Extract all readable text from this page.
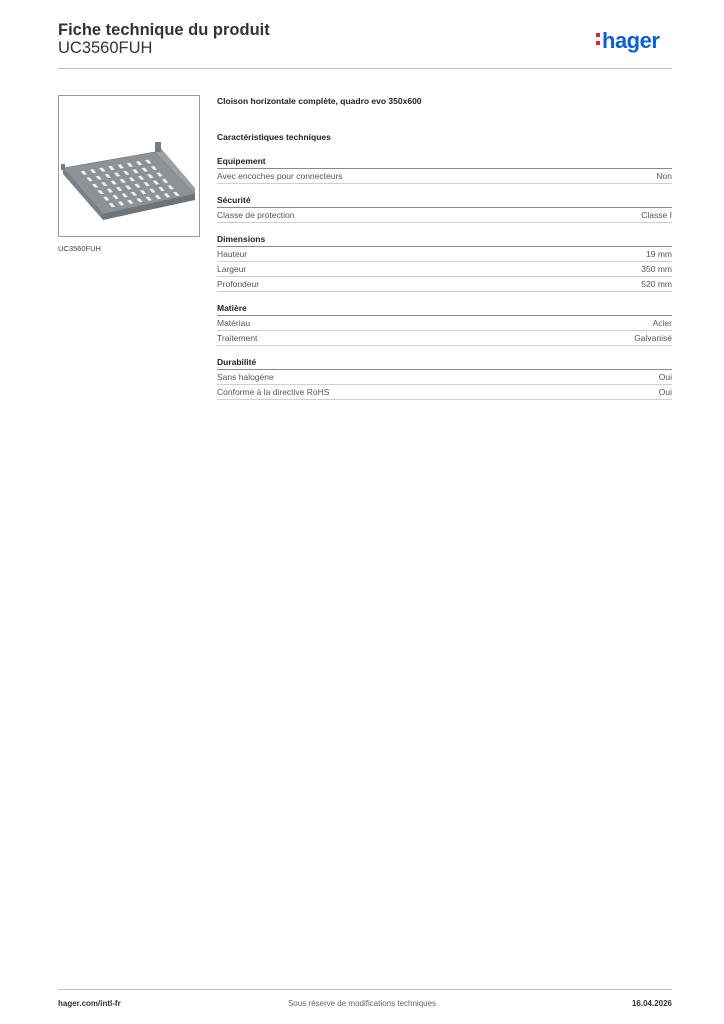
Fiche technique du produit
UC3560FUH	hager
UC3560FUH
Cloison horizontale complète, quadro evo 350x600
Caractéristiques techniques
Equipement
Avec encoches pour connecteurs	Non
Sécurité
Classe de protection	Classe I
Dimensions
Hauteur	19 mm
Largeur	350 mm
Profondeur	520 mm
Matière
Matériau	Acier
Traitement	Galvanisé
Durabilité
Sans halogène	Oui
Conforme à la directive RoHS	Oui
hager.com/intl-fr	Sous réserve de modifications techniques	16.04.2026
